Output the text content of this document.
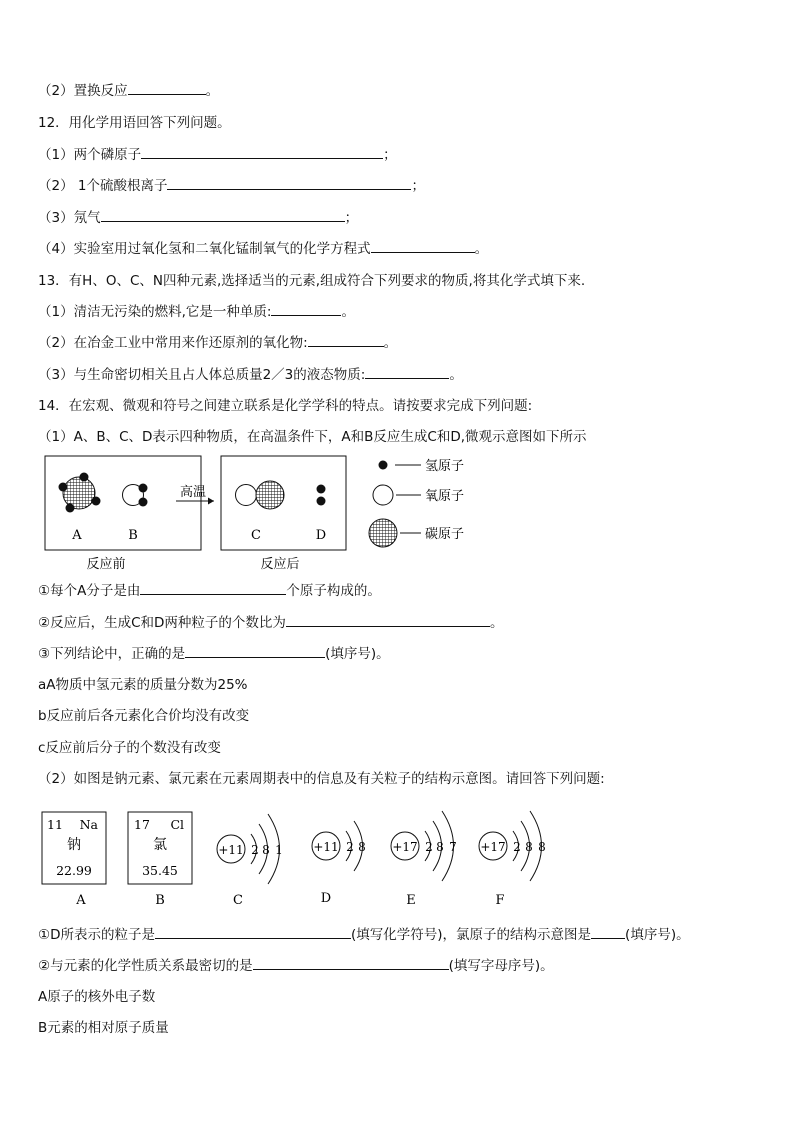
（2）置换反应	。
12．用化学用语回答下列问题。
（1）两个磷原子	；
（2） 1个硫酸根离子	；
（3）氖气	；
（4）实验室用过氧化氢和二氧化锰制氧气的化学方程式	。
13．有H、O、C、N四种元素,选择适当的元素,组成符合下列要求的物质,将其化学式填下来.
（1）清洁无污染的燃料,它是一种单质:	。
（2）在冶金工业中常用来作还原剂的氧化物:	。
（3）与生命密切相关且占人体总质量2／3的液态物质:	。
14．在宏观、微观和符号之间建立联系是化学学科的特点。请按要求完成下列问题:
（1）A、B、C、D表示四种物质，在高温条件下，A和B反应生成C和D,微观示意图如下所示
A	B
高温
C	D
反应前	反应后
氢原子
氧原子
碳原子
①每个A分子是由	个原子构成的。
②反应后，生成C和D两种粒子的个数比为	。
③下列结论中，正确的是	(填序号)。
aA物质中氢元素的质量分数为25%
b反应前后各元素化合价均没有改变
c反应前后分子的个数没有改变
（2）如图是钠元素、氯元素在元素周期表中的信息及有关粒子的结构示意图。请回答下列问题:
11 Na
钠
22.99
A
17 Cl
氯
35.45
B
+11 2 8 1
C
+11 2 8
D
+17 2 8 7
E
+17 2 8 8
F
①D所表示的粒子是	(填写化学符号)，氯原子的结构示意图是	(填序号)。
②与元素的化学性质关系最密切的是	(填写字母序号)。
A原子的核外电子数
B元素的相对原子质量
